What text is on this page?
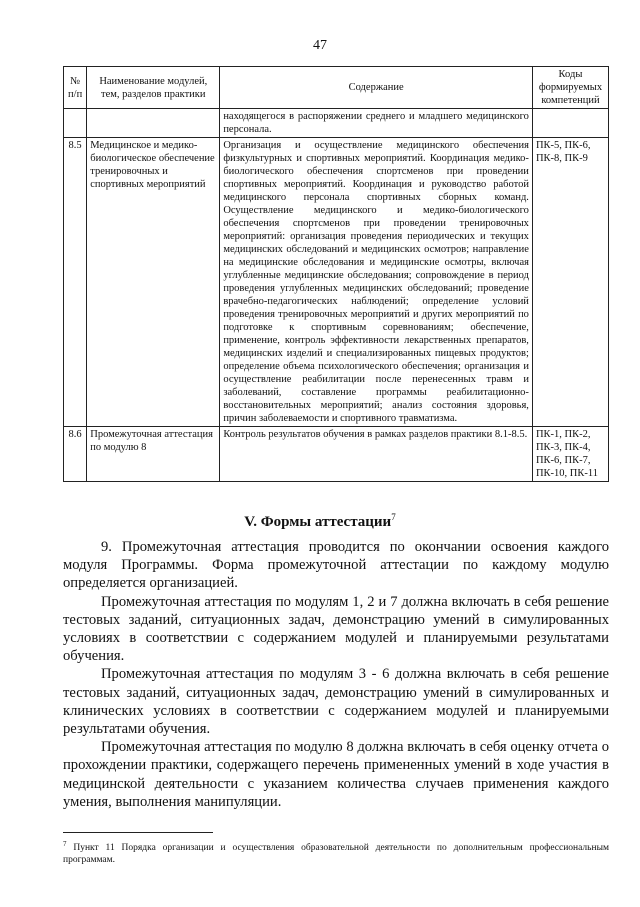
47
№ п/п	Наименование модулей, тем, разделов практики	Содержание	Коды формируемых компетенций
		находящегося в распоряжении среднего и младшего медицинского персонала.	
8.5	Медицинское и медико-биологическое обеспечение тренировочных и спортивных мероприятий	Организация и осуществление медицинского обеспечения физкультурных и спортивных мероприятий. Координация медико-биологического обеспечения спортсменов при проведении спортивных мероприятий. Координация и руководство работой медицинского персонала спортивных сборных команд. Осуществление медицинского и медико-биологического обеспечения спортсменов при проведении тренировочных мероприятий: организация проведения периодических и текущих медицинских обследований и медицинских осмотров; направление на медицинские обследования и медицинские осмотры, включая углубленные медицинские обследования; сопровождение в период проведения углубленных медицинских обследований; проведение врачебно-педагогических наблюдений; определение условий проведения тренировочных мероприятий и других мероприятий по подготовке к спортивным соревнованиям; обеспечение, применение, контроль эффективности лекарственных препаратов, медицинских изделий и специализированных пищевых продуктов; определение объема психологического обеспечения; организация и осуществление реабилитации после перенесенных травм и заболеваний, составление программы реабилитационно-восстановительных мероприятий; анализ состояния здоровья, причин заболеваемости и спортивного травматизма.	ПК-5, ПК-6, ПК-8, ПК-9
8.6	Промежуточная аттестация по модулю 8	Контроль результатов обучения в рамках разделов практики 8.1-8.5.	ПК-1, ПК-2, ПК-3, ПК-4, ПК-6, ПК-7, ПК-10, ПК-11
V. Формы аттестации$^7$

9. Промежуточная аттестация проводится по окончании освоения каждого модуля Программы. Форма промежуточной аттестации по каждому модулю определяется организацией.

Промежуточная аттестация по модулям 1, 2 и 7 должна включать в себя решение тестовых заданий, ситуационных задач, демонстрацию умений в симулированных условиях в соответствии с содержанием модулей и планируемыми результатами обучения.

Промежуточная аттестация по модулям 3 - 6 должна включать в себя решение тестовых заданий, ситуационных задач, демонстрацию умений в симулированных и клинических условиях в соответствии с содержанием модулей и планируемыми результатами обучения.

Промежуточная аттестация по модулю 8 должна включать в себя оценку отчета о прохождении практики, содержащего перечень примененных умений в ходе участия в медицинской деятельности с указанием количества случаев применения каждого умения, выполнения манипуляции.

$^7$ Пункт 11 Порядка организации и осуществления образовательной деятельности по дополнительным профессиональным программам.
